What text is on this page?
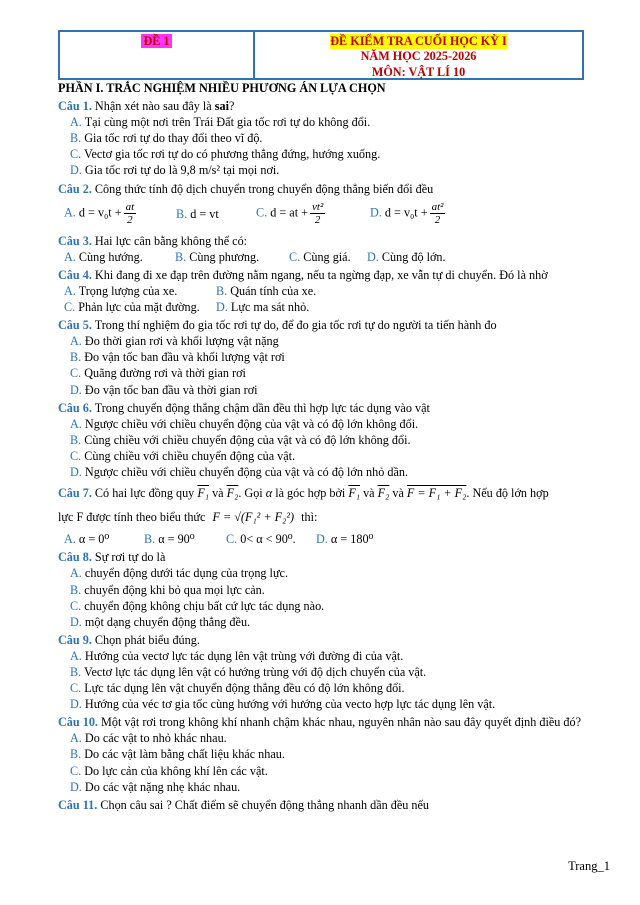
ĐỀ 1	ĐỀ KIỂM TRA CUỐI HỌC KỲ I
NĂM HỌC 2025-2026
MÔN: VẬT LÍ 10
PHẦN I. TRẮC NGHIỆM NHIỀU PHƯƠNG ÁN LỰA CHỌN
Câu 1. Nhận xét nào sau đây là sai?
A. Tại cùng một nơi trên Trái Đất gia tốc rơi tự do không đổi.
B. Gia tốc rơi tự do thay đổi theo vĩ độ.
C. Vectơ gia tốc rơi tự do có phương thẳng đứng, hướng xuống.
D. Gia tốc rơi tự do là 9,8 m/s² tại mọi nơi.
Câu 2. Công thức tính độ dịch chuyển trong chuyển động thẳng biến đổi đều
A. $d = v_0t + \frac{at}{2}$	B. d = vt	C. d = at + $\frac{\text{vt²}}{2}$	D. $d = v_0t + \frac{\text{at²}}{2}$
Câu 3. Hai lực cân bằng không thể có:
A. Cùng hướng.	B. Cùng phương.	C. Cùng giá.	D. Cùng độ lớn.
Câu 4. Khi đang đi xe đạp trên đường nằm ngang, nếu ta ngừng đạp, xe vẫn tự di chuyển. Đó là nhờ
A. Trọng lượng của xe.	B. Quán tính của xe.
C. Phản lực của mặt đường.	D. Lực ma sát nhỏ.
Câu 5. Trong thí nghiệm đo gia tốc rơi tự do, để đo gia tốc rơi tự do người ta tiến hành đo
A. Đo thời gian rơi và khối lượng vật nặng
B. Đo vận tốc ban đầu và khối lượng vật rơi
C. Quãng đường rơi và thời gian rơi
D. Đo vận tốc ban đầu và thời gian rơi
Câu 6. Trong chuyển động thẳng chậm dần đều thì hợp lực tác dụng vào vật
A. Ngược chiều với chiều chuyển động của vật và có độ lớn không đổi.
B. Cùng chiều với chiều chuyển động của vật và có độ lớn không đổi.
C. Cùng chiều với chiều chuyển động của vật.
D. Ngược chiều với chiều chuyển động của vật và có độ lớn nhỏ dần.
Câu 7. Có hai lực đồng quy F₁ và F₂. Gọi α là góc hợp bởi F₁ và F₂ và F = F₁ + F₂. Nếu độ lớn hợp
lực F được tính theo biểu thức F = √(F₁² + F₂²) thì:
A. α = 0⁰	B. α = 90⁰	C. 0< α < 90⁰.	D. α = 180⁰
Câu 8. Sự rơi tự do là
A. chuyển động dưới tác dụng của trọng lực.
B. chuyển động khi bỏ qua mọi lực cản.
C. chuyển động không chịu bất cứ lực tác dụng nào.
D. một dạng chuyển động thẳng đều.
Câu 9. Chọn phát biểu đúng.
A. Hướng của vectơ lực tác dụng lên vật trùng với đường đi của vật.
B. Vectơ lực tác dụng lên vật có hướng trùng với độ dịch chuyển của vật.
C. Lực tác dụng lên vật chuyển động thẳng đều có độ lớn không đổi.
D. Hướng của véc tơ gia tốc cùng hướng với hướng của vecto hợp lực tác dụng lên vật.
Câu 10. Một vật rơi trong không khí nhanh chậm khác nhau, nguyên nhân nào sau đây quyết định điều đó?
A. Do các vật to nhỏ khác nhau.
B. Do các vật làm bằng chất liệu khác nhau.
C. Do lực cản của không khí lên các vật.
D. Do các vật nặng nhẹ khác nhau.
Câu 11. Chọn câu sai ? Chất điểm sẽ chuyển động thẳng nhanh dần đều nếu
Trang_1
